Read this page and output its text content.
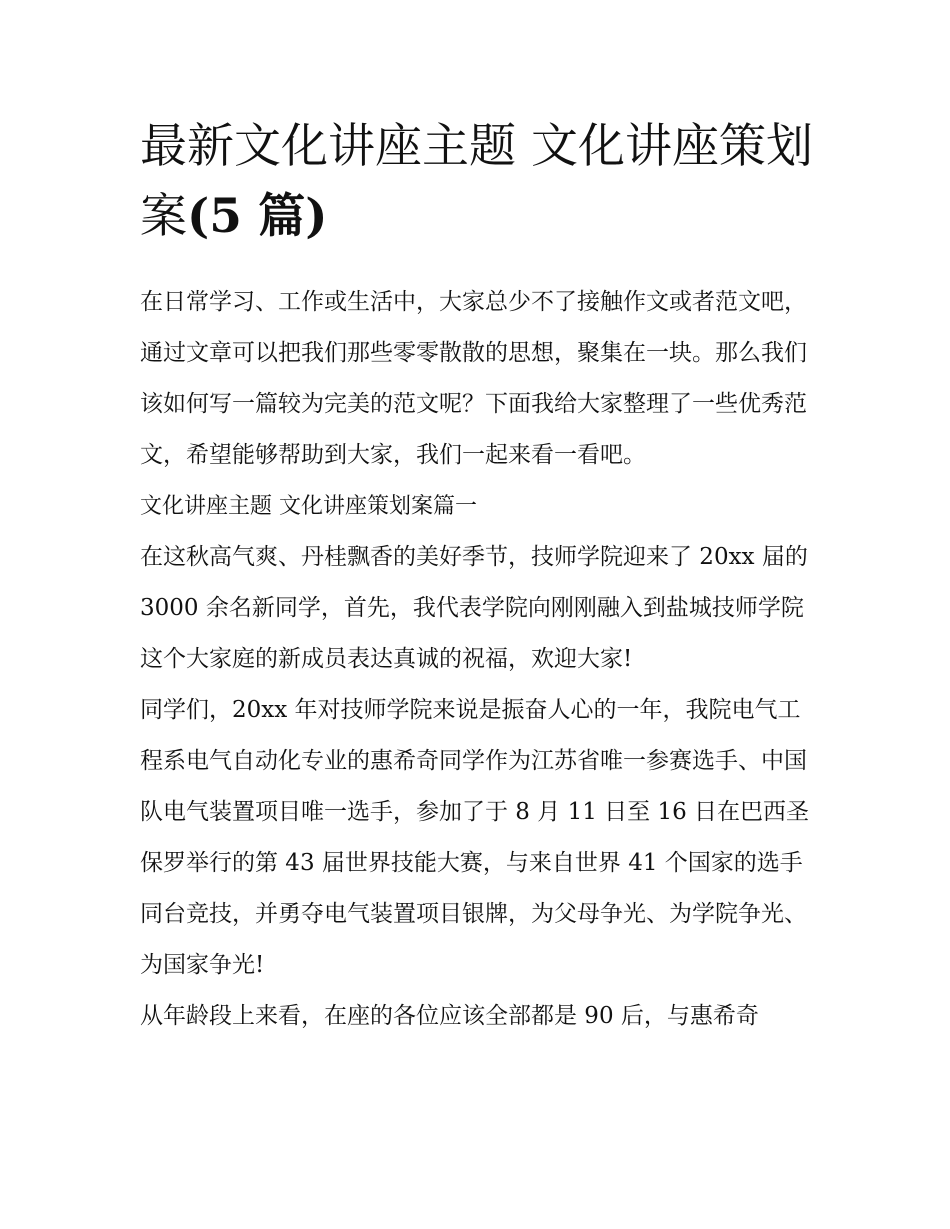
最新文化讲座主题 文化讲座策划案(5 篇)

在日常学习、工作或生活中，大家总少不了接触作文或者范文吧，通过文章可以把我们那些零零散散的思想，聚集在一块。那么我们该如何写一篇较为完美的范文呢？下面我给大家整理了一些优秀范文，希望能够帮助到大家，我们一起来看一看吧。

文化讲座主题 文化讲座策划案篇一

在这秋高气爽、丹桂飘香的美好季节，技师学院迎来了 20xx 届的 3000 余名新同学，首先，我代表学院向刚刚融入到盐城技师学院这个大家庭的新成员表达真诚的祝福，欢迎大家!

同学们，20xx 年对技师学院来说是振奋人心的一年，我院电气工程系电气自动化专业的惠希奇同学作为江苏省唯一参赛选手、中国队电气装置项目唯一选手，参加了于 8 月 11 日至 16 日在巴西圣保罗举行的第 43 届世界技能大赛，与来自世界 41 个国家的选手同台竞技，并勇夺电气装置项目银牌，为父母争光、为学院争光、为国家争光!

从年龄段上来看，在座的各位应该全部都是 90 后，与惠希奇
